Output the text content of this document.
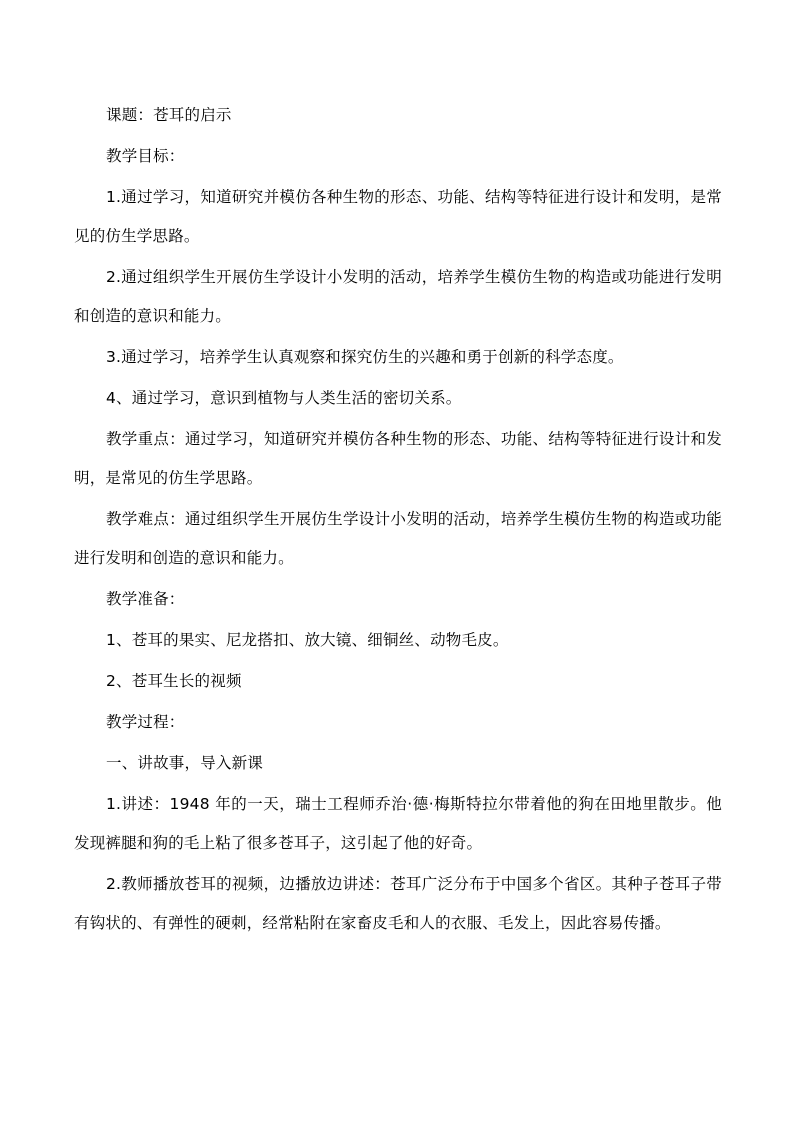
课题：苍耳的启示

教学目标：

1.通过学习，知道研究并模仿各种生物的形态、功能、结构等特征进行设计和发明，是常见的仿生学思路。

2.通过组织学生开展仿生学设计小发明的活动，培养学生模仿生物的构造或功能进行发明和创造的意识和能力。

3.通过学习，培养学生认真观察和探究仿生的兴趣和勇于创新的科学态度。

4、通过学习，意识到植物与人类生活的密切关系。

教学重点：通过学习，知道研究并模仿各种生物的形态、功能、结构等特征进行设计和发明，是常见的仿生学思路。

教学难点：通过组织学生开展仿生学设计小发明的活动，培养学生模仿生物的构造或功能进行发明和创造的意识和能力。

教学准备：

1、苍耳的果实、尼龙搭扣、放大镜、细铜丝、动物毛皮。

2、苍耳生长的视频

教学过程：

一、讲故事，导入新课

1.讲述：1948 年的一天，瑞士工程师乔治·德·梅斯特拉尔带着他的狗在田地里散步。他发现裤腿和狗的毛上粘了很多苍耳子，这引起了他的好奇。

2.教师播放苍耳的视频，边播放边讲述：苍耳广泛分布于中国多个省区。其种子苍耳子带有钩状的、有弹性的硬刺，经常粘附在家畜皮毛和人的衣服、毛发上，因此容易传播。
